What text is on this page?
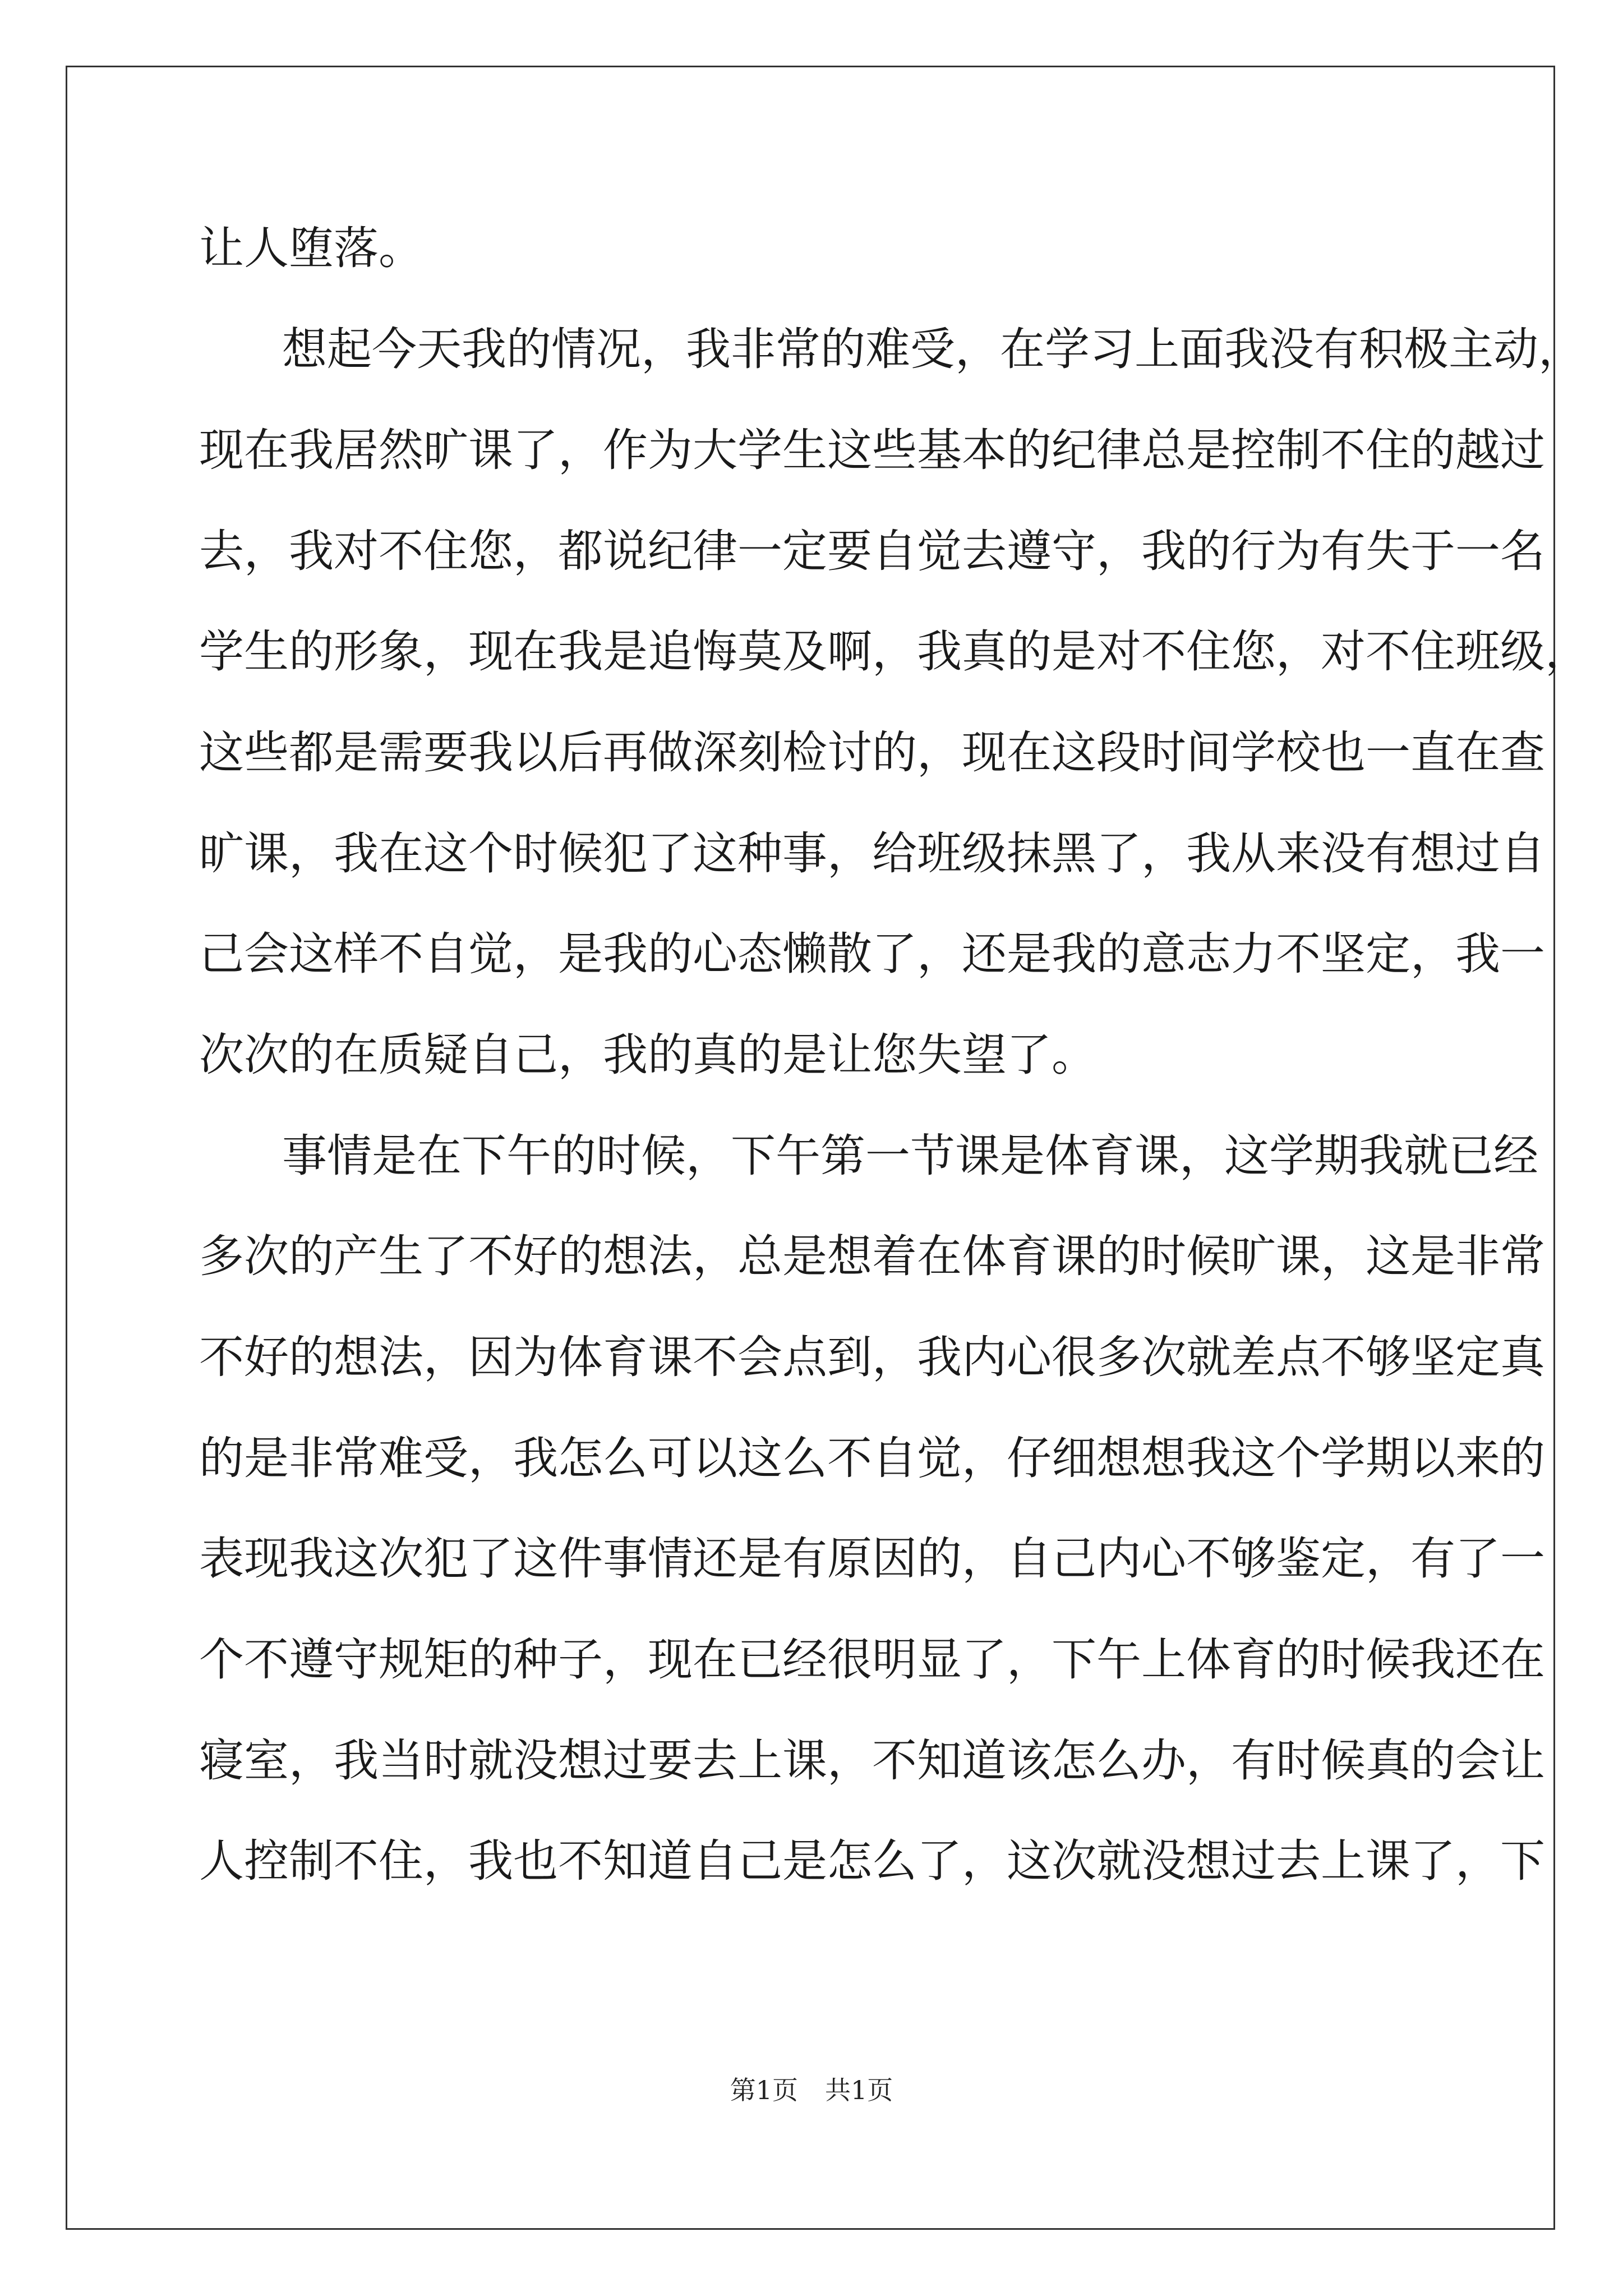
让人堕落。
想起今天我的情况，我非常的难受，在学习上面我没有积极主动，
现在我居然旷课了，作为大学生这些基本的纪律总是控制不住的越过
去，我对不住您，都说纪律一定要自觉去遵守，我的行为有失于一名
学生的形象，现在我是追悔莫及啊，我真的是对不住您，对不住班级，
这些都是需要我以后再做深刻检讨的，现在这段时间学校也一直在查
旷课，我在这个时候犯了这种事，给班级抹黑了，我从来没有想过自
己会这样不自觉，是我的心态懒散了，还是我的意志力不坚定，我一
次次的在质疑自己，我的真的是让您失望了。
事情是在下午的时候，下午第一节课是体育课，这学期我就已经
多次的产生了不好的想法，总是想着在体育课的时候旷课，这是非常
不好的想法，因为体育课不会点到，我内心很多次就差点不够坚定真
的是非常难受，我怎么可以这么不自觉，仔细想想我这个学期以来的
表现我这次犯了这件事情还是有原因的，自己内心不够鉴定，有了一
个不遵守规矩的种子，现在已经很明显了，下午上体育的时候我还在
寝室，我当时就没想过要去上课，不知道该怎么办，有时候真的会让
人控制不住，我也不知道自己是怎么了，这次就没想过去上课了，下
第1页 共1页
